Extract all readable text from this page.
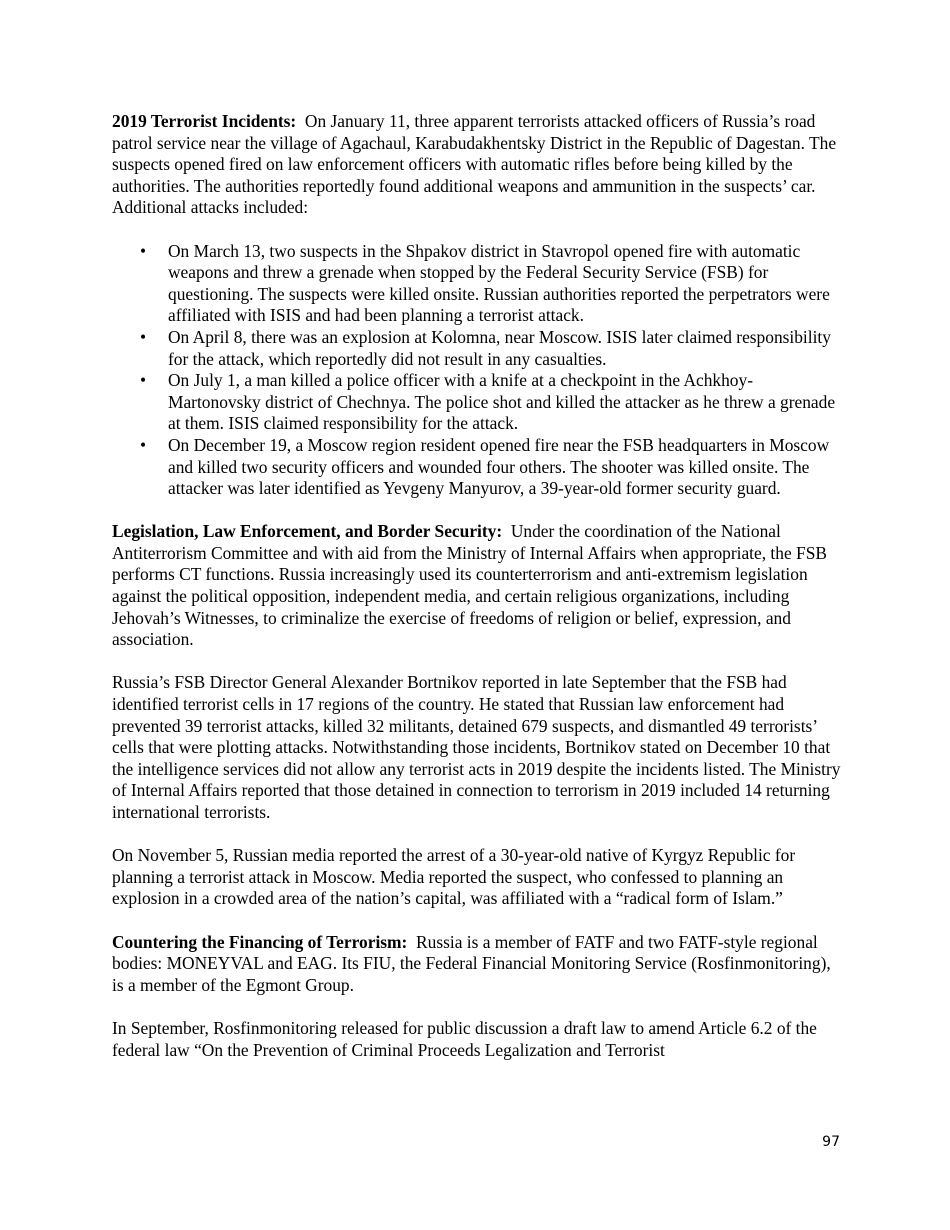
2019 Terrorist Incidents: On January 11, three apparent terrorists attacked officers of Russia’s road patrol service near the village of Agachaul, Karabudakhentsky District in the Republic of Dagestan. The suspects opened fired on law enforcement officers with automatic rifles before being killed by the authorities. The authorities reportedly found additional weapons and ammunition in the suspects’ car. Additional attacks included:

• On March 13, two suspects in the Shpakov district in Stavropol opened fire with automatic weapons and threw a grenade when stopped by the Federal Security Service (FSB) for questioning. The suspects were killed onsite. Russian authorities reported the perpetrators were affiliated with ISIS and had been planning a terrorist attack.
• On April 8, there was an explosion at Kolomna, near Moscow. ISIS later claimed responsibility for the attack, which reportedly did not result in any casualties.
• On July 1, a man killed a police officer with a knife at a checkpoint in the Achkhoy-Martonovsky district of Chechnya. The police shot and killed the attacker as he threw a grenade at them. ISIS claimed responsibility for the attack.
• On December 19, a Moscow region resident opened fire near the FSB headquarters in Moscow and killed two security officers and wounded four others. The shooter was killed onsite. The attacker was later identified as Yevgeny Manyurov, a 39-year-old former security guard.

Legislation, Law Enforcement, and Border Security: Under the coordination of the National Antiterrorism Committee and with aid from the Ministry of Internal Affairs when appropriate, the FSB performs CT functions. Russia increasingly used its counterterrorism and anti-extremism legislation against the political opposition, independent media, and certain religious organizations, including Jehovah’s Witnesses, to criminalize the exercise of freedoms of religion or belief, expression, and association.

Russia’s FSB Director General Alexander Bortnikov reported in late September that the FSB had identified terrorist cells in 17 regions of the country. He stated that Russian law enforcement had prevented 39 terrorist attacks, killed 32 militants, detained 679 suspects, and dismantled 49 terrorists’ cells that were plotting attacks. Notwithstanding those incidents, Bortnikov stated on December 10 that the intelligence services did not allow any terrorist acts in 2019 despite the incidents listed. The Ministry of Internal Affairs reported that those detained in connection to terrorism in 2019 included 14 returning international terrorists.

On November 5, Russian media reported the arrest of a 30-year-old native of Kyrgyz Republic for planning a terrorist attack in Moscow. Media reported the suspect, who confessed to planning an explosion in a crowded area of the nation’s capital, was affiliated with a “radical form of Islam.”

Countering the Financing of Terrorism: Russia is a member of FATF and two FATF-style regional bodies: MONEYVAL and EAG. Its FIU, the Federal Financial Monitoring Service (Rosfinmonitoring), is a member of the Egmont Group.

In September, Rosfinmonitoring released for public discussion a draft law to amend Article 6.2 of the federal law “On the Prevention of Criminal Proceeds Legalization and Terrorist

97
